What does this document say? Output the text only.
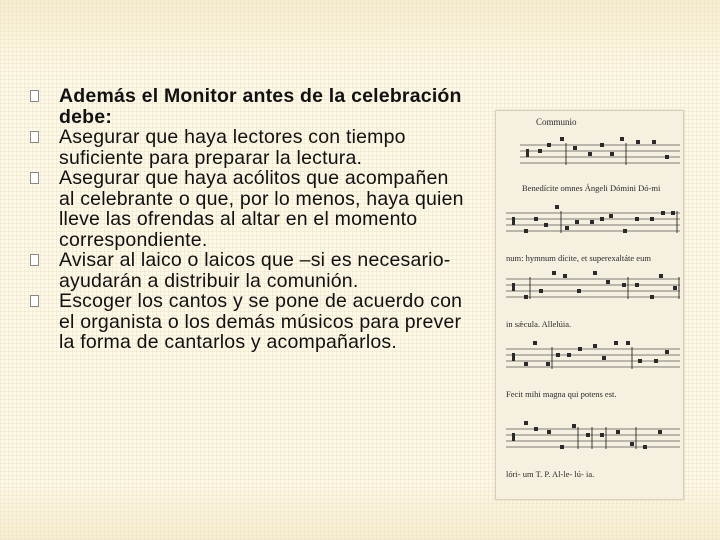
Además el Monitor antes de la celebración debe:
Asegurar que haya lectores con tiempo suficiente para preparar la lectura.
Asegurar que haya acólitos que acompañen al celebrante o que, por lo menos, haya quien lleve las ofrendas al altar en el momento correspondiente.
Avisar al laico o laicos que –si es necesario-ayudarán a distribuir la comunión.
Escoger los cantos y se pone de acuerdo con el organista o los demás músicos para prever la forma de cantarlos y acompañarlos.
Communio
Benedícite omnes Ángeli Dómini Dó-mi
num: hymnum dícite, et superexaltáte eum
in sǽcula. Allelúia.
Fecit mihi magna qui potens est.
lóri- um T. P. Al-le- lú- ia.
